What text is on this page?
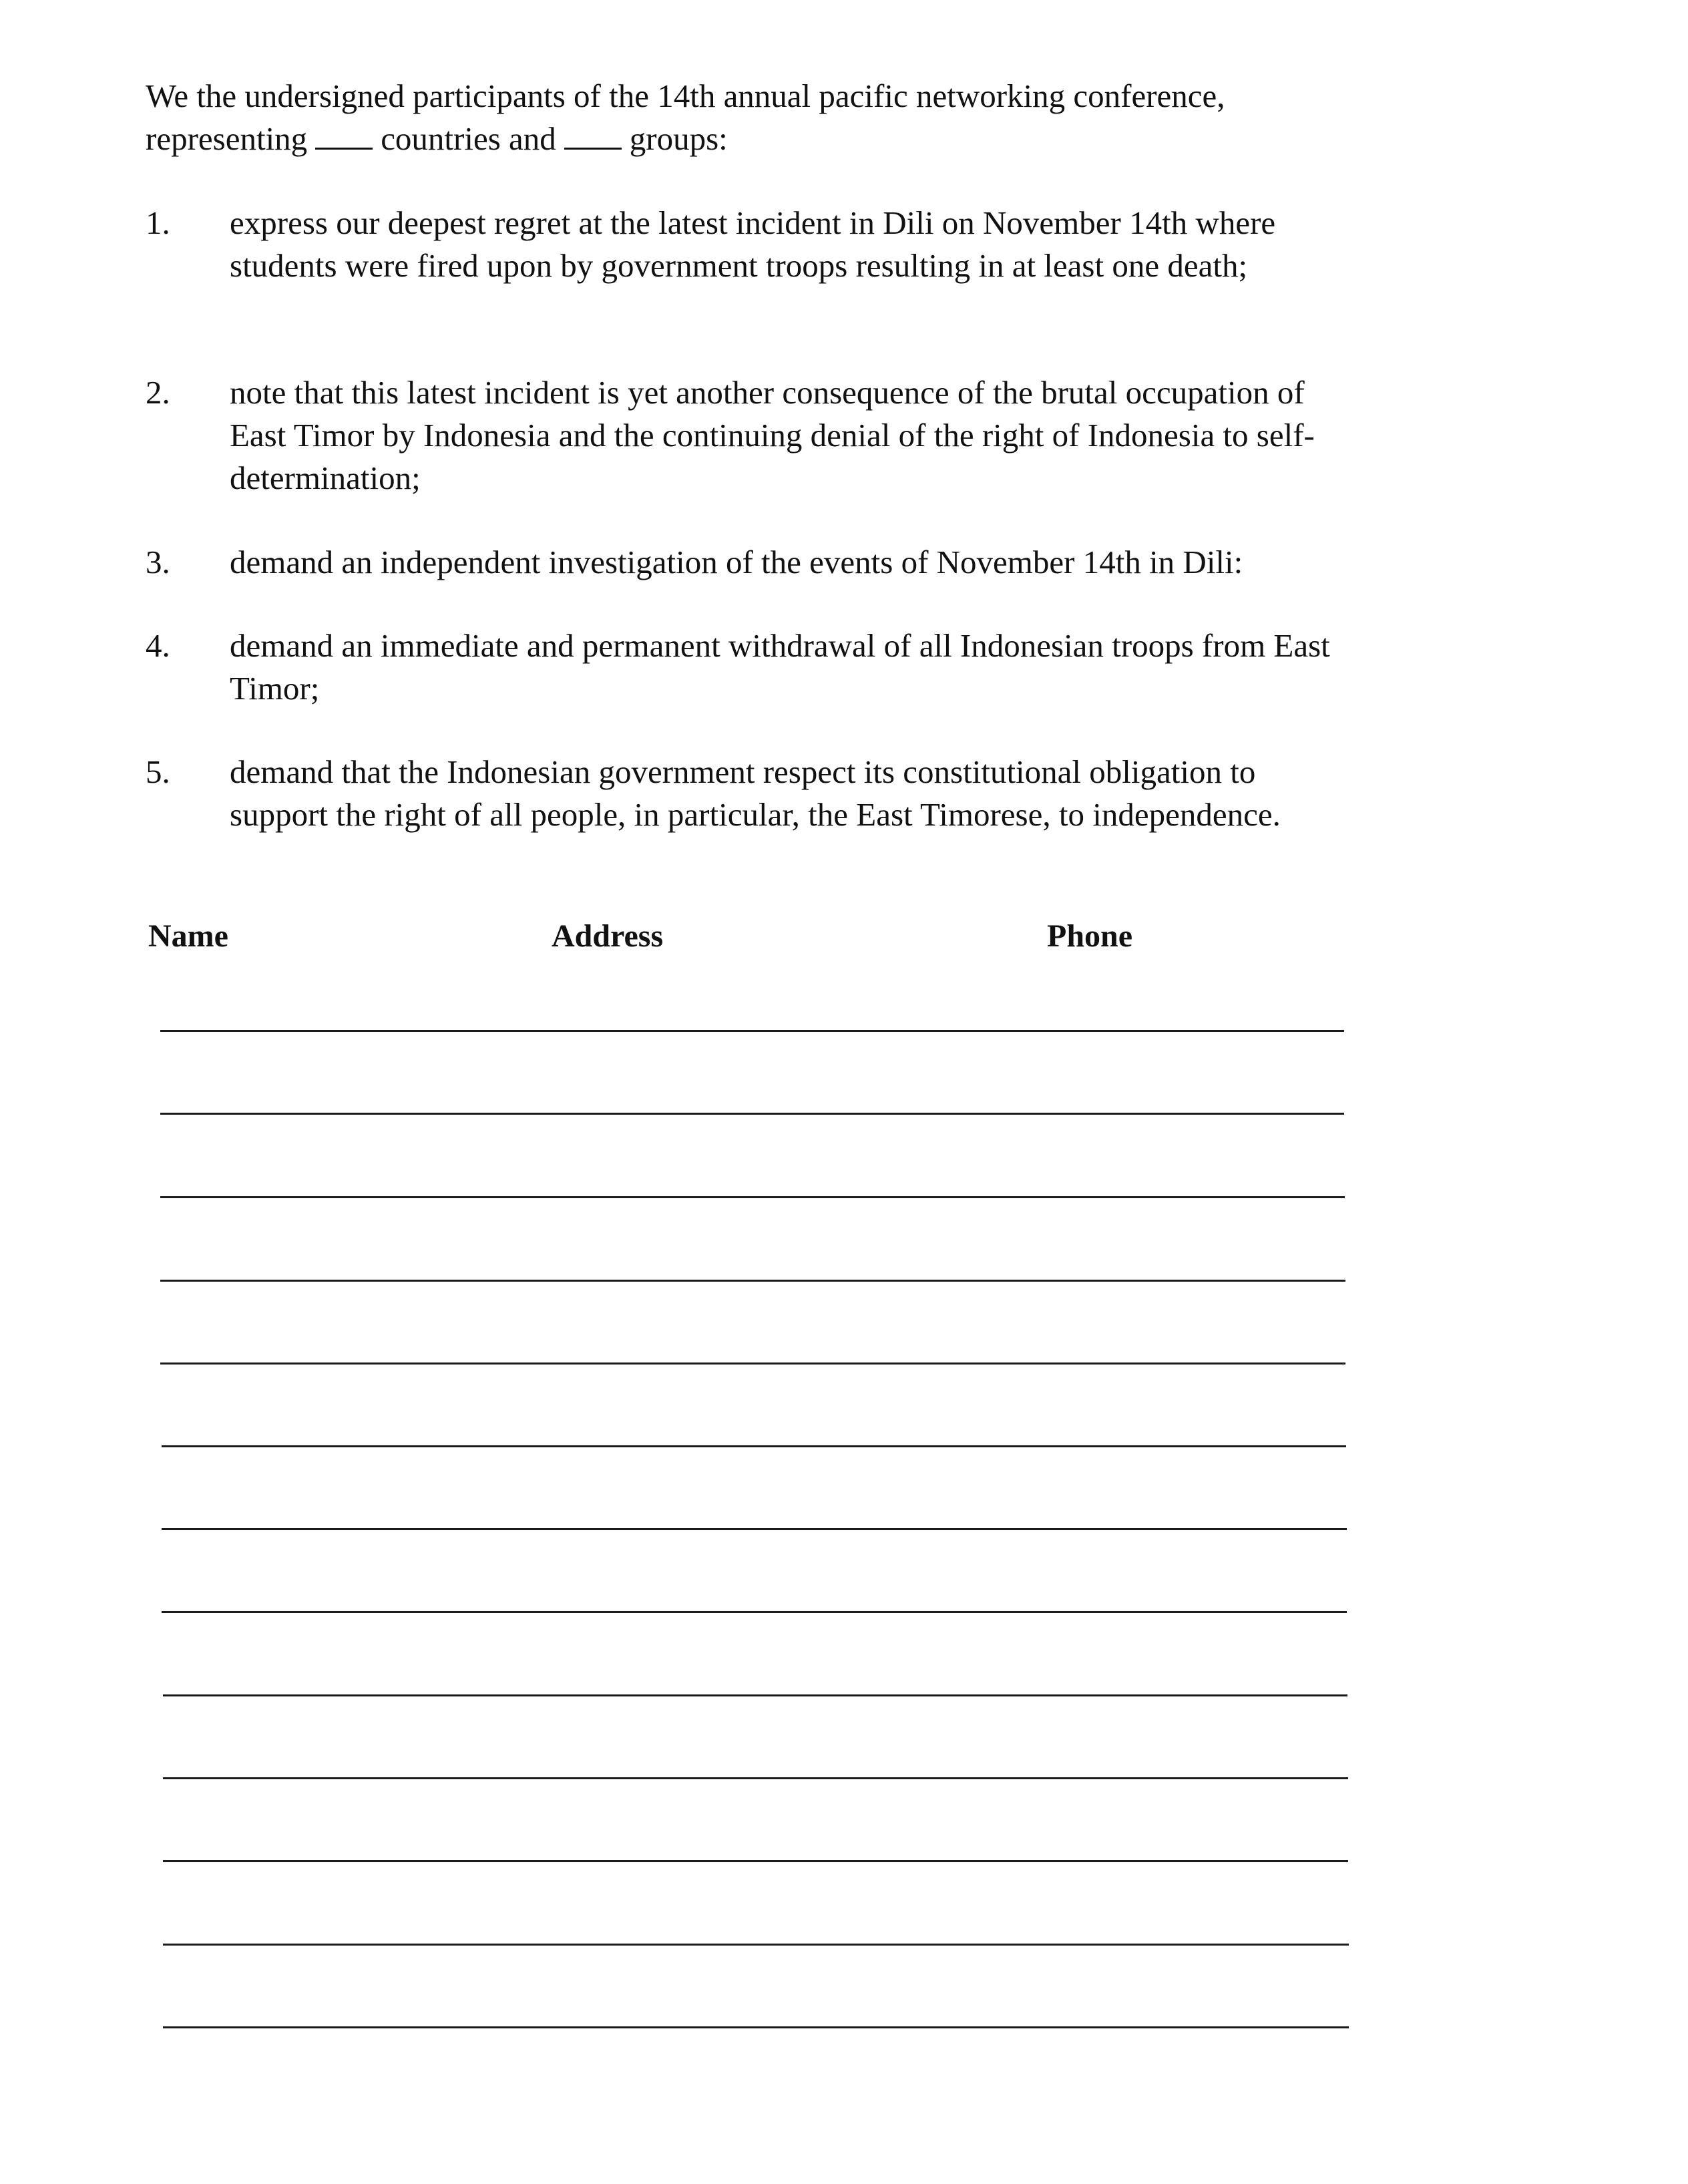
We the undersigned participants of the 14th annual pacific networking conference,
representing countries and groups:
1.	express our deepest regret at the latest incident in Dili on November 14th where students were fired upon by government troops resulting in at least one death;
2.	note that this latest incident is yet another consequence of the brutal occupation of East Timor by Indonesia and the continuing denial of the right of Indonesia to self-determination;
3.	demand an independent investigation of the events of November 14th in Dili:
4.	demand an immediate and permanent withdrawal of all Indonesian troops from East Timor;
5.	demand that the Indonesian government respect its constitutional obligation to support the right of all people, in particular, the East Timorese, to independence.
Name	Address	Phone
